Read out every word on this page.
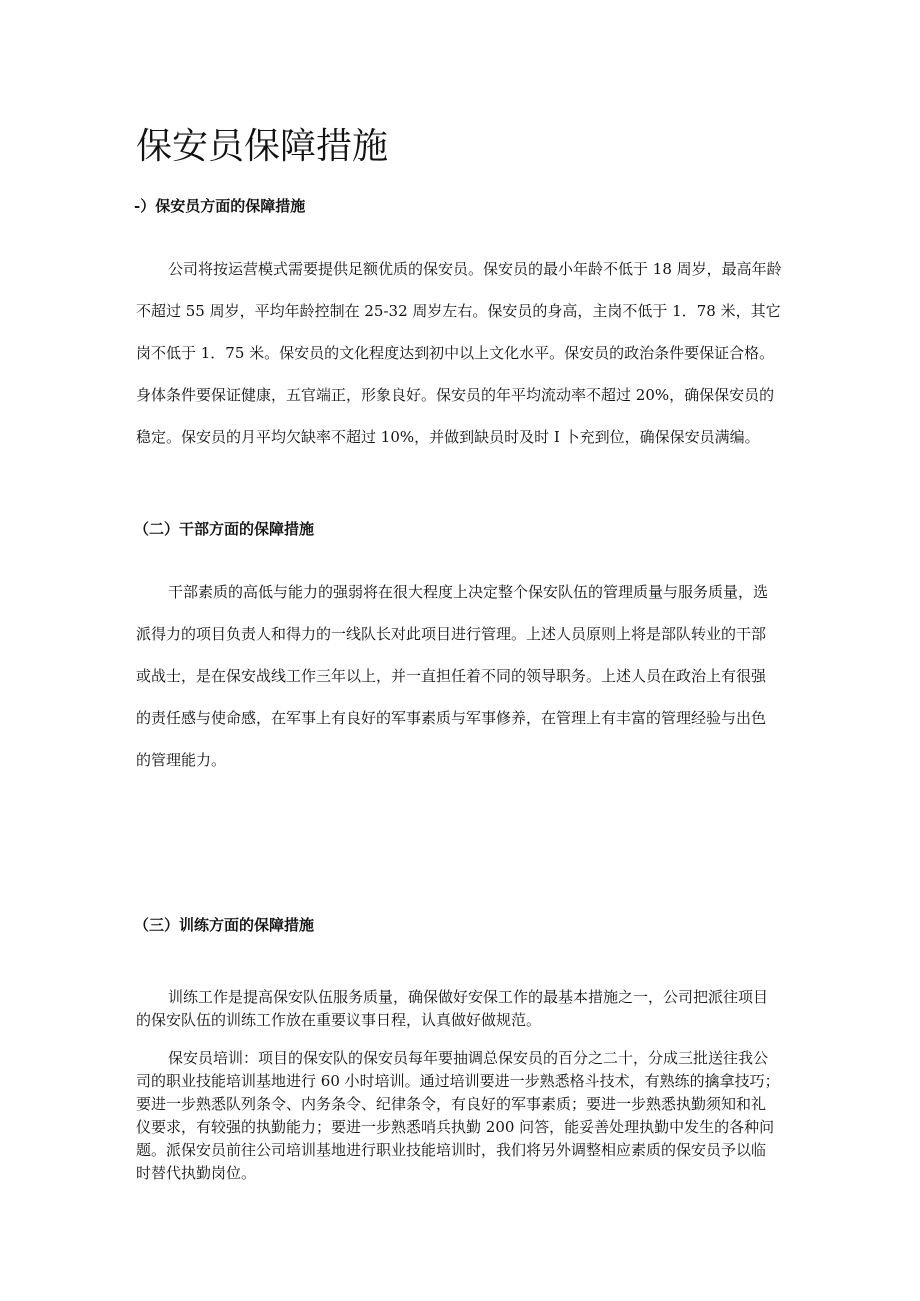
保安员保障措施
-）保安员方面的保障措施

公司将按运营模式需要提供足额优质的保安员。保安员的最小年龄不低于 18 周岁，最高年龄
不超过 55 周岁，平均年龄控制在 25-32 周岁左右。保安员的身高，主岗不低于 1．78 米，其它
岗不低于 1．75 米。保安员的文化程度达到初中以上文化水平。保安员的政治条件要保证合格。
身体条件要保证健康，五官端正，形象良好。保安员的年平均流动率不超过 20%，确保保安员的
稳定。保安员的月平均欠缺率不超过 10%，并做到缺员时及时 I 卜充到位，确保保安员满编。

（二）干部方面的保障措施

干部素质的高低与能力的强弱将在很大程度上决定整个保安队伍的管理质量与服务质量，选
派得力的项目负责人和得力的一线队长对此项目进行管理。上述人员原则上将是部队转业的干部
或战士，是在保安战线工作三年以上，并一直担任着不同的领导职务。上述人员在政治上有很强
的责任感与使命感，在军事上有良好的军事素质与军事修养，在管理上有丰富的管理经验与出色
的管理能力。

（三）训练方面的保障措施

训练工作是提高保安队伍服务质量，确保做好安保工作的最基本措施之一，公司把派往项目
的保安队伍的训练工作放在重要议事日程，认真做好做规范。

保安员培训：项目的保安队的保安员每年要抽调总保安员的百分之二十，分成三批送往我公
司的职业技能培训基地进行 60 小时培训。通过培训要进一步熟悉格斗技术，有熟练的擒拿技巧；
要进一步熟悉队列条令、内务条令、纪律条令，有良好的军事素质；要进一步熟悉执勤须知和礼
仪要求，有较强的执勤能力；要进一步熟悉哨兵执勤 200 问答，能妥善处理执勤中发生的各种问
题。派保安员前往公司培训基地进行职业技能培训时，我们将另外调整相应素质的保安员予以临
时替代执勤岗位。
